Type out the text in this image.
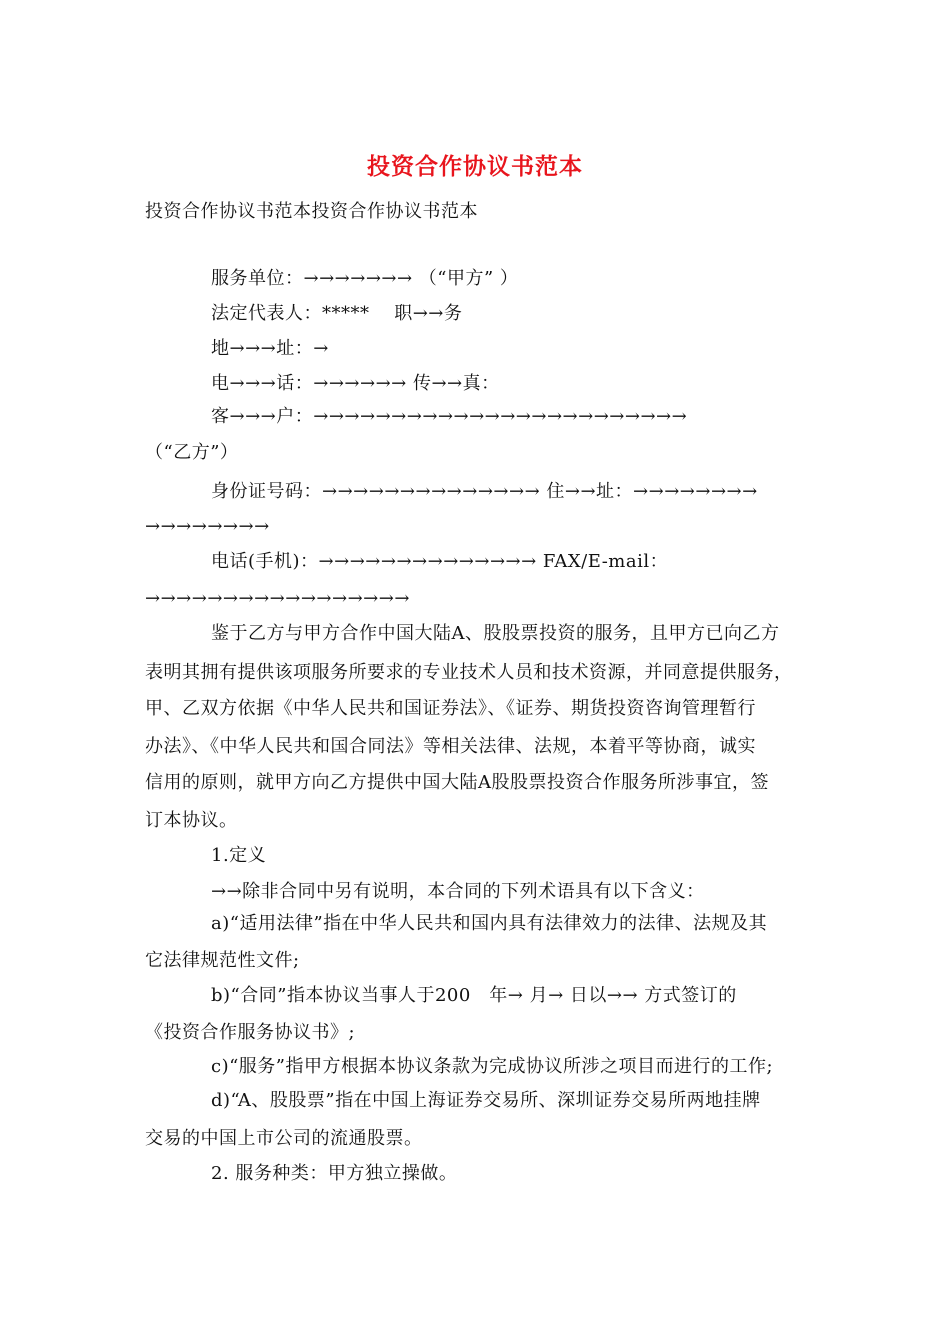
投资合作协议书范本
投资合作协议书范本投资合作协议书范本
服务单位：→→→→→→→ （“甲方” ）
法定代表人：*****　 职→→务
地→→→址：→
电→→→话：→→→→→→ 传→→真：
客→→→户：→→→→→→→→→→→→→→→→→→→→→→→→
（“乙方”）
身份证号码：→→→→→→→→→→→→→→ 住→→址：→→→→→→→→
→→→→→→→→
电话(手机)：→→→→→→→→→→→→→→ FAX/E-mail：
→→→→→→→→→→→→→→→→→
鉴于乙方与甲方合作中国大陆A、股股票投资的服务，且甲方已向乙方
表明其拥有提供该项服务所要求的专业技术人员和技术资源，并同意提供服务，
甲、乙双方依据《中华人民共和国证券法》、《证券、期货投资咨询管理暂行
办法》、《中华人民共和国合同法》等相关法律、法规，本着平等协商，诚实
信用的原则，就甲方向乙方提供中国大陆A股股票投资合作服务所涉事宜，签
订本协议。
1.定义
→→除非合同中另有说明，本合同的下列术语具有以下含义：
a)“适用法律”指在中华人民共和国内具有法律效力的法律、法规及其
它法律规范性文件;
b)“合同”指本协议当事人于200　年→ 月→ 日以→→ 方式签订的
《投资合作服务协议书》;
c)“服务”指甲方根据本协议条款为完成协议所涉之项目而进行的工作;
d)“A、股股票”指在中国上海证券交易所、深圳证券交易所两地挂牌
交易的中国上市公司的流通股票。
2. 服务种类：甲方独立操做。
